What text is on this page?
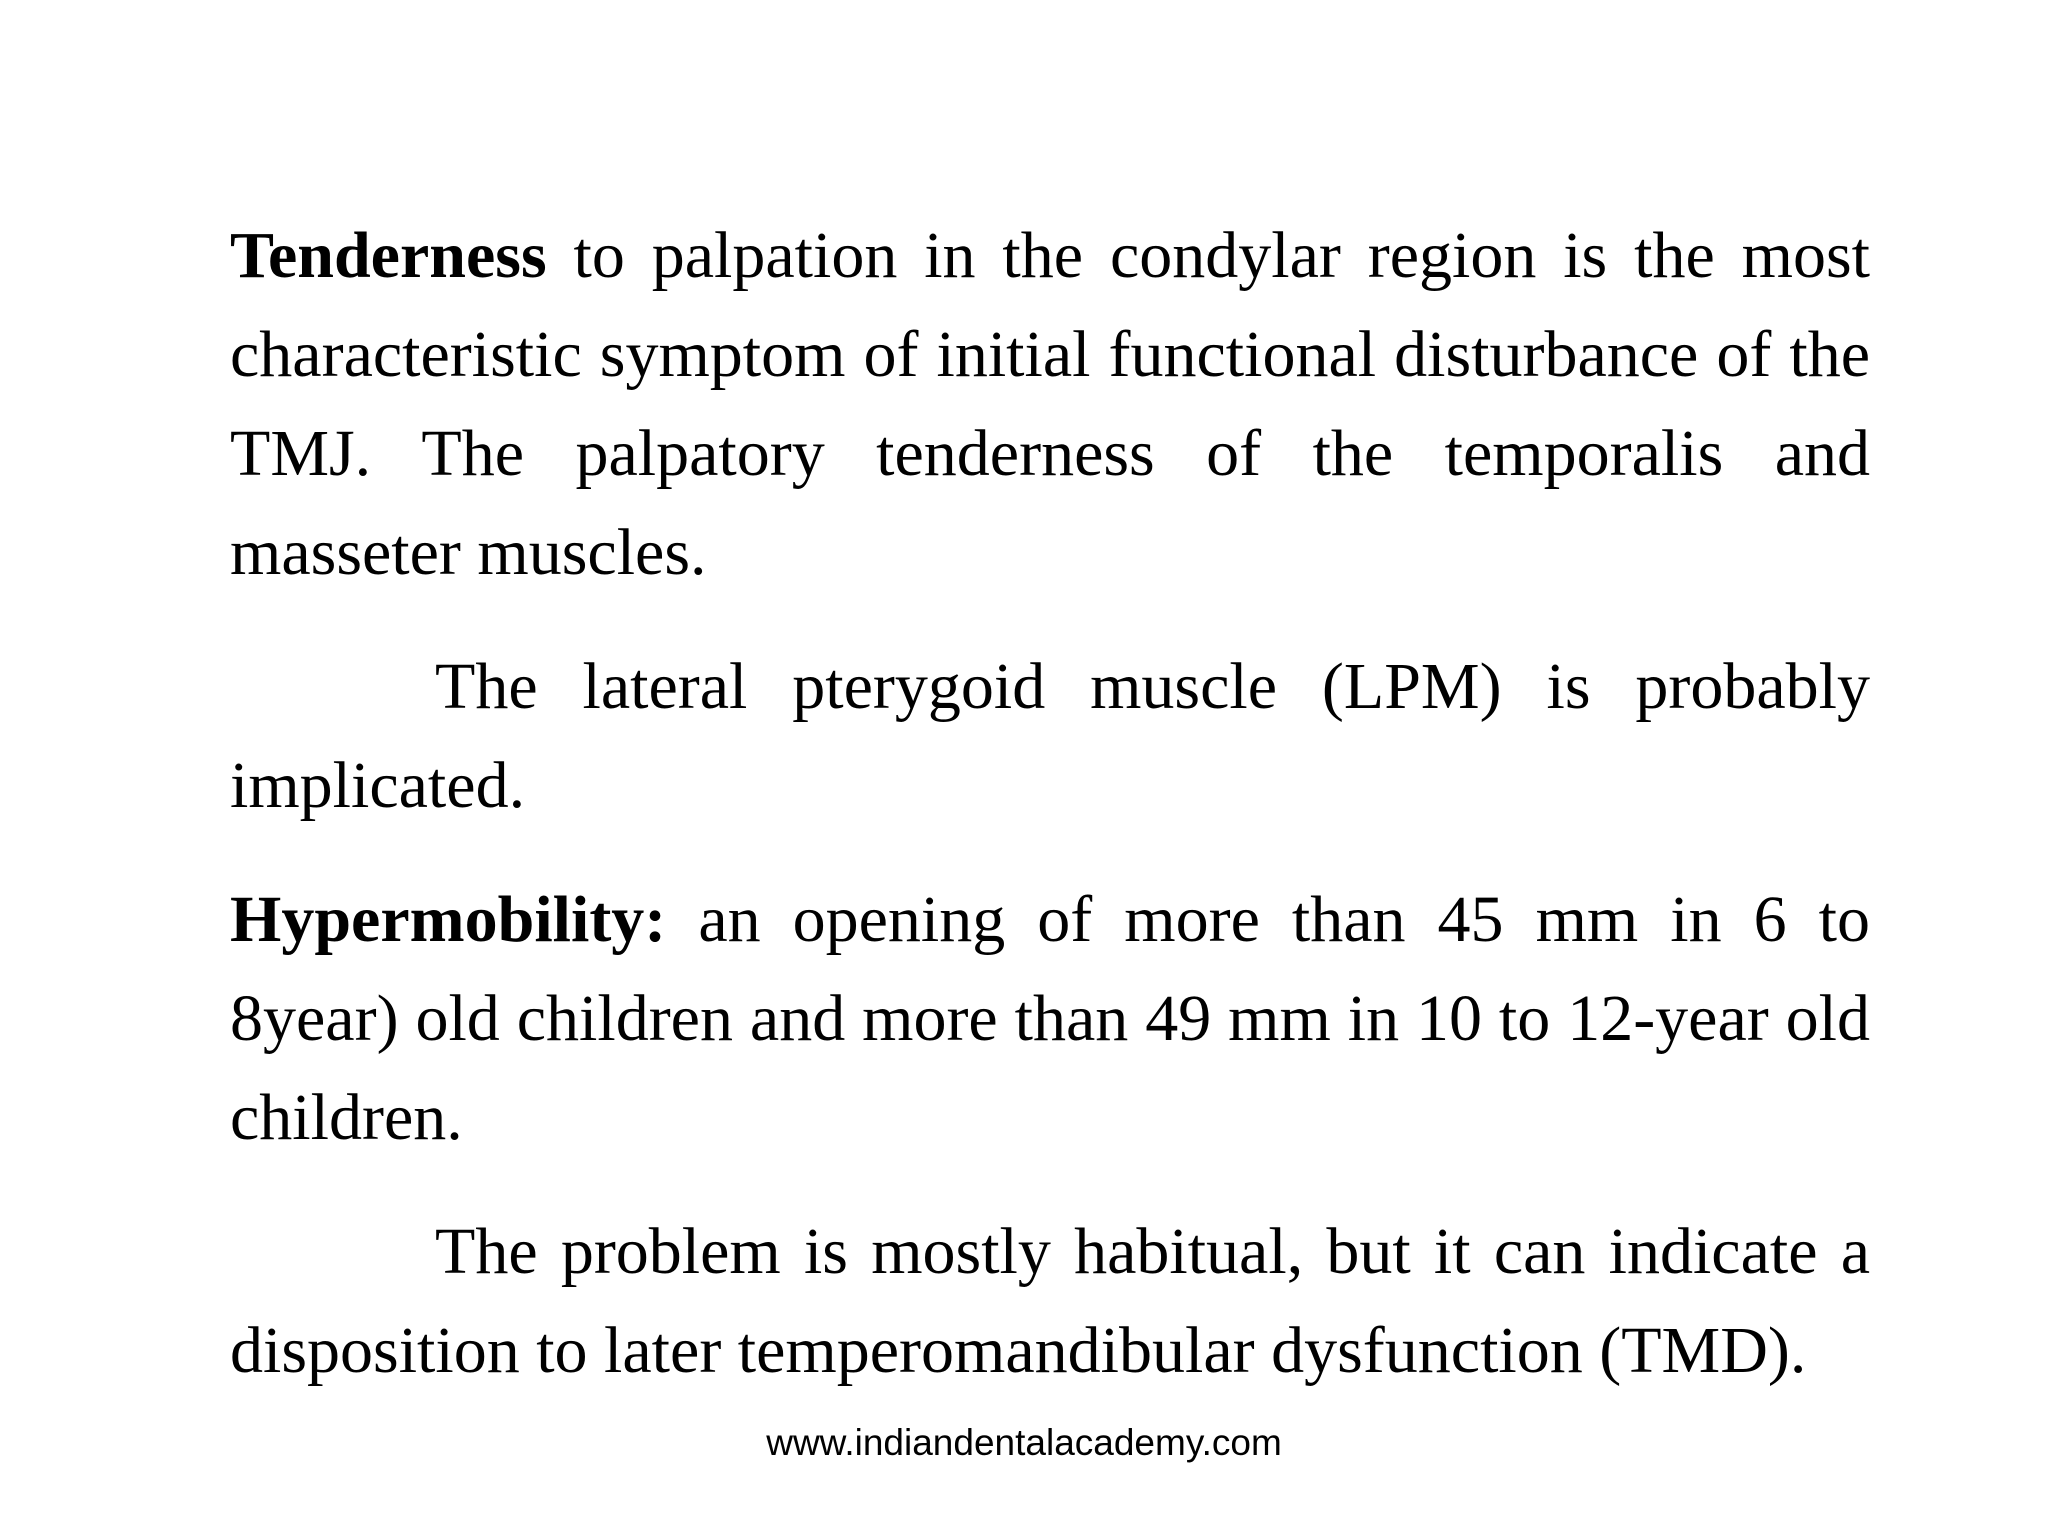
Tenderness to palpation in the condylar region is the most characteristic symptom of initial functional disturbance of the TMJ. The palpatory tenderness of the temporalis and masseter muscles.

The lateral pterygoid muscle (LPM) is probably implicated.

Hypermobility: an opening of more than 45 mm in 6 to 8year) old children and more than 49 mm in 10 to 12-year old children.

The problem is mostly habitual, but it can indicate a disposition to later temperomandibular dysfunction (TMD).

www.indiandentalacademy.com
